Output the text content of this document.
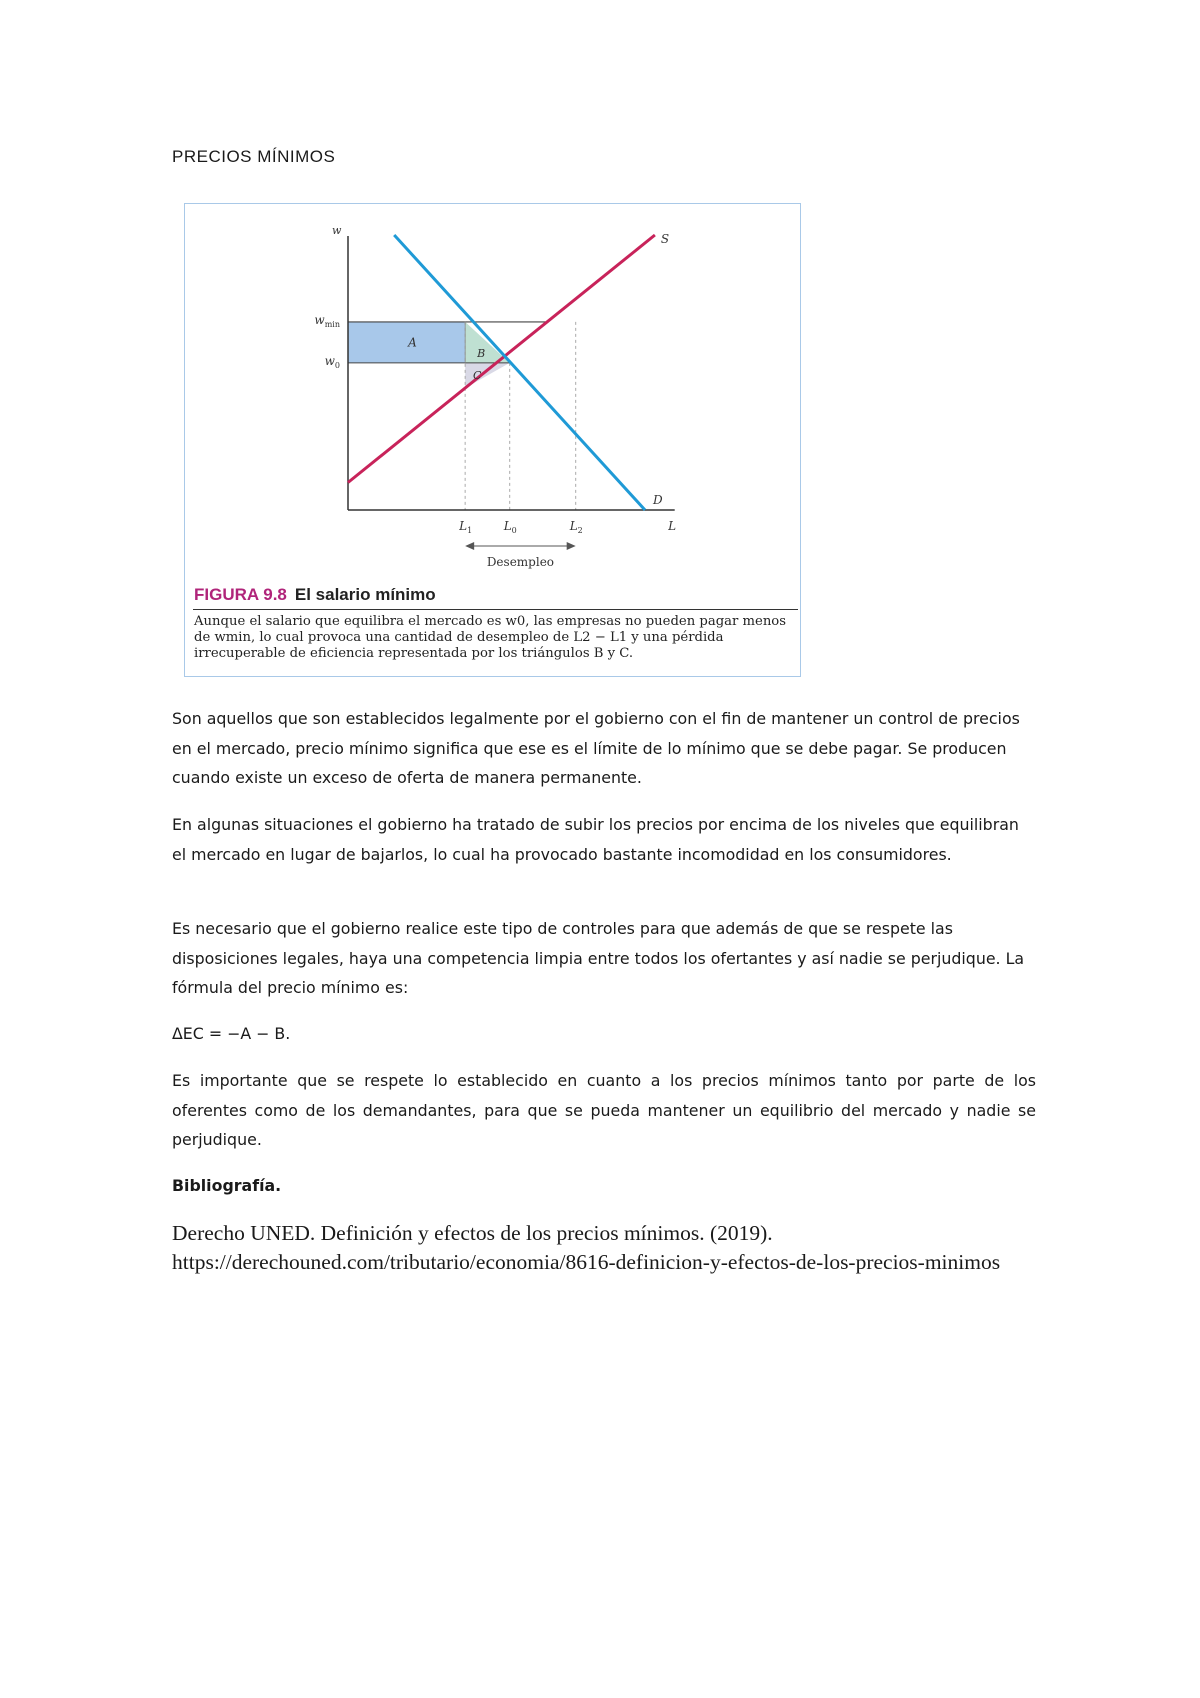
PRECIOS MÍNIMOS
S
D
w
L
$w_{min}$
$w_0$
$L_1$	$L_0$	$L_2$
A
B
C
Desempleo
FIGURA 9.8 El salario mínimo
Aunque el salario que equilibra el mercado es w0, las empresas no pueden pagar menos de wmin, lo cual provoca una cantidad de desempleo de L2 − L1 y una pérdida irrecuperable de eficiencia representada por los triángulos B y C.
Son aquellos que son establecidos legalmente por el gobierno con el fin de mantener un control de precios en el mercado, precio mínimo significa que ese es el límite de lo mínimo que se debe pagar. Se producen cuando existe un exceso de oferta de manera permanente.
En algunas situaciones el gobierno ha tratado de subir los precios por encima de los niveles que equilibran el mercado en lugar de bajarlos, lo cual ha provocado bastante incomodidad en los consumidores.
Es necesario que el gobierno realice este tipo de controles para que además de que se respete las disposiciones legales, haya una competencia limpia entre todos los ofertantes y así nadie se perjudique. La fórmula del precio mínimo es:
ΔEC = −A − B.
Es importante que se respete lo establecido en cuanto a los precios mínimos tanto por parte de los oferentes como de los demandantes, para que se pueda mantener un equilibrio del mercado y nadie se perjudique.
Bibliografía.
Derecho UNED. Definición y efectos de los precios mínimos. (2019). https://derechouned.com/tributario/economia/8616-definicion-y-efectos-de-los-precios-minimos
